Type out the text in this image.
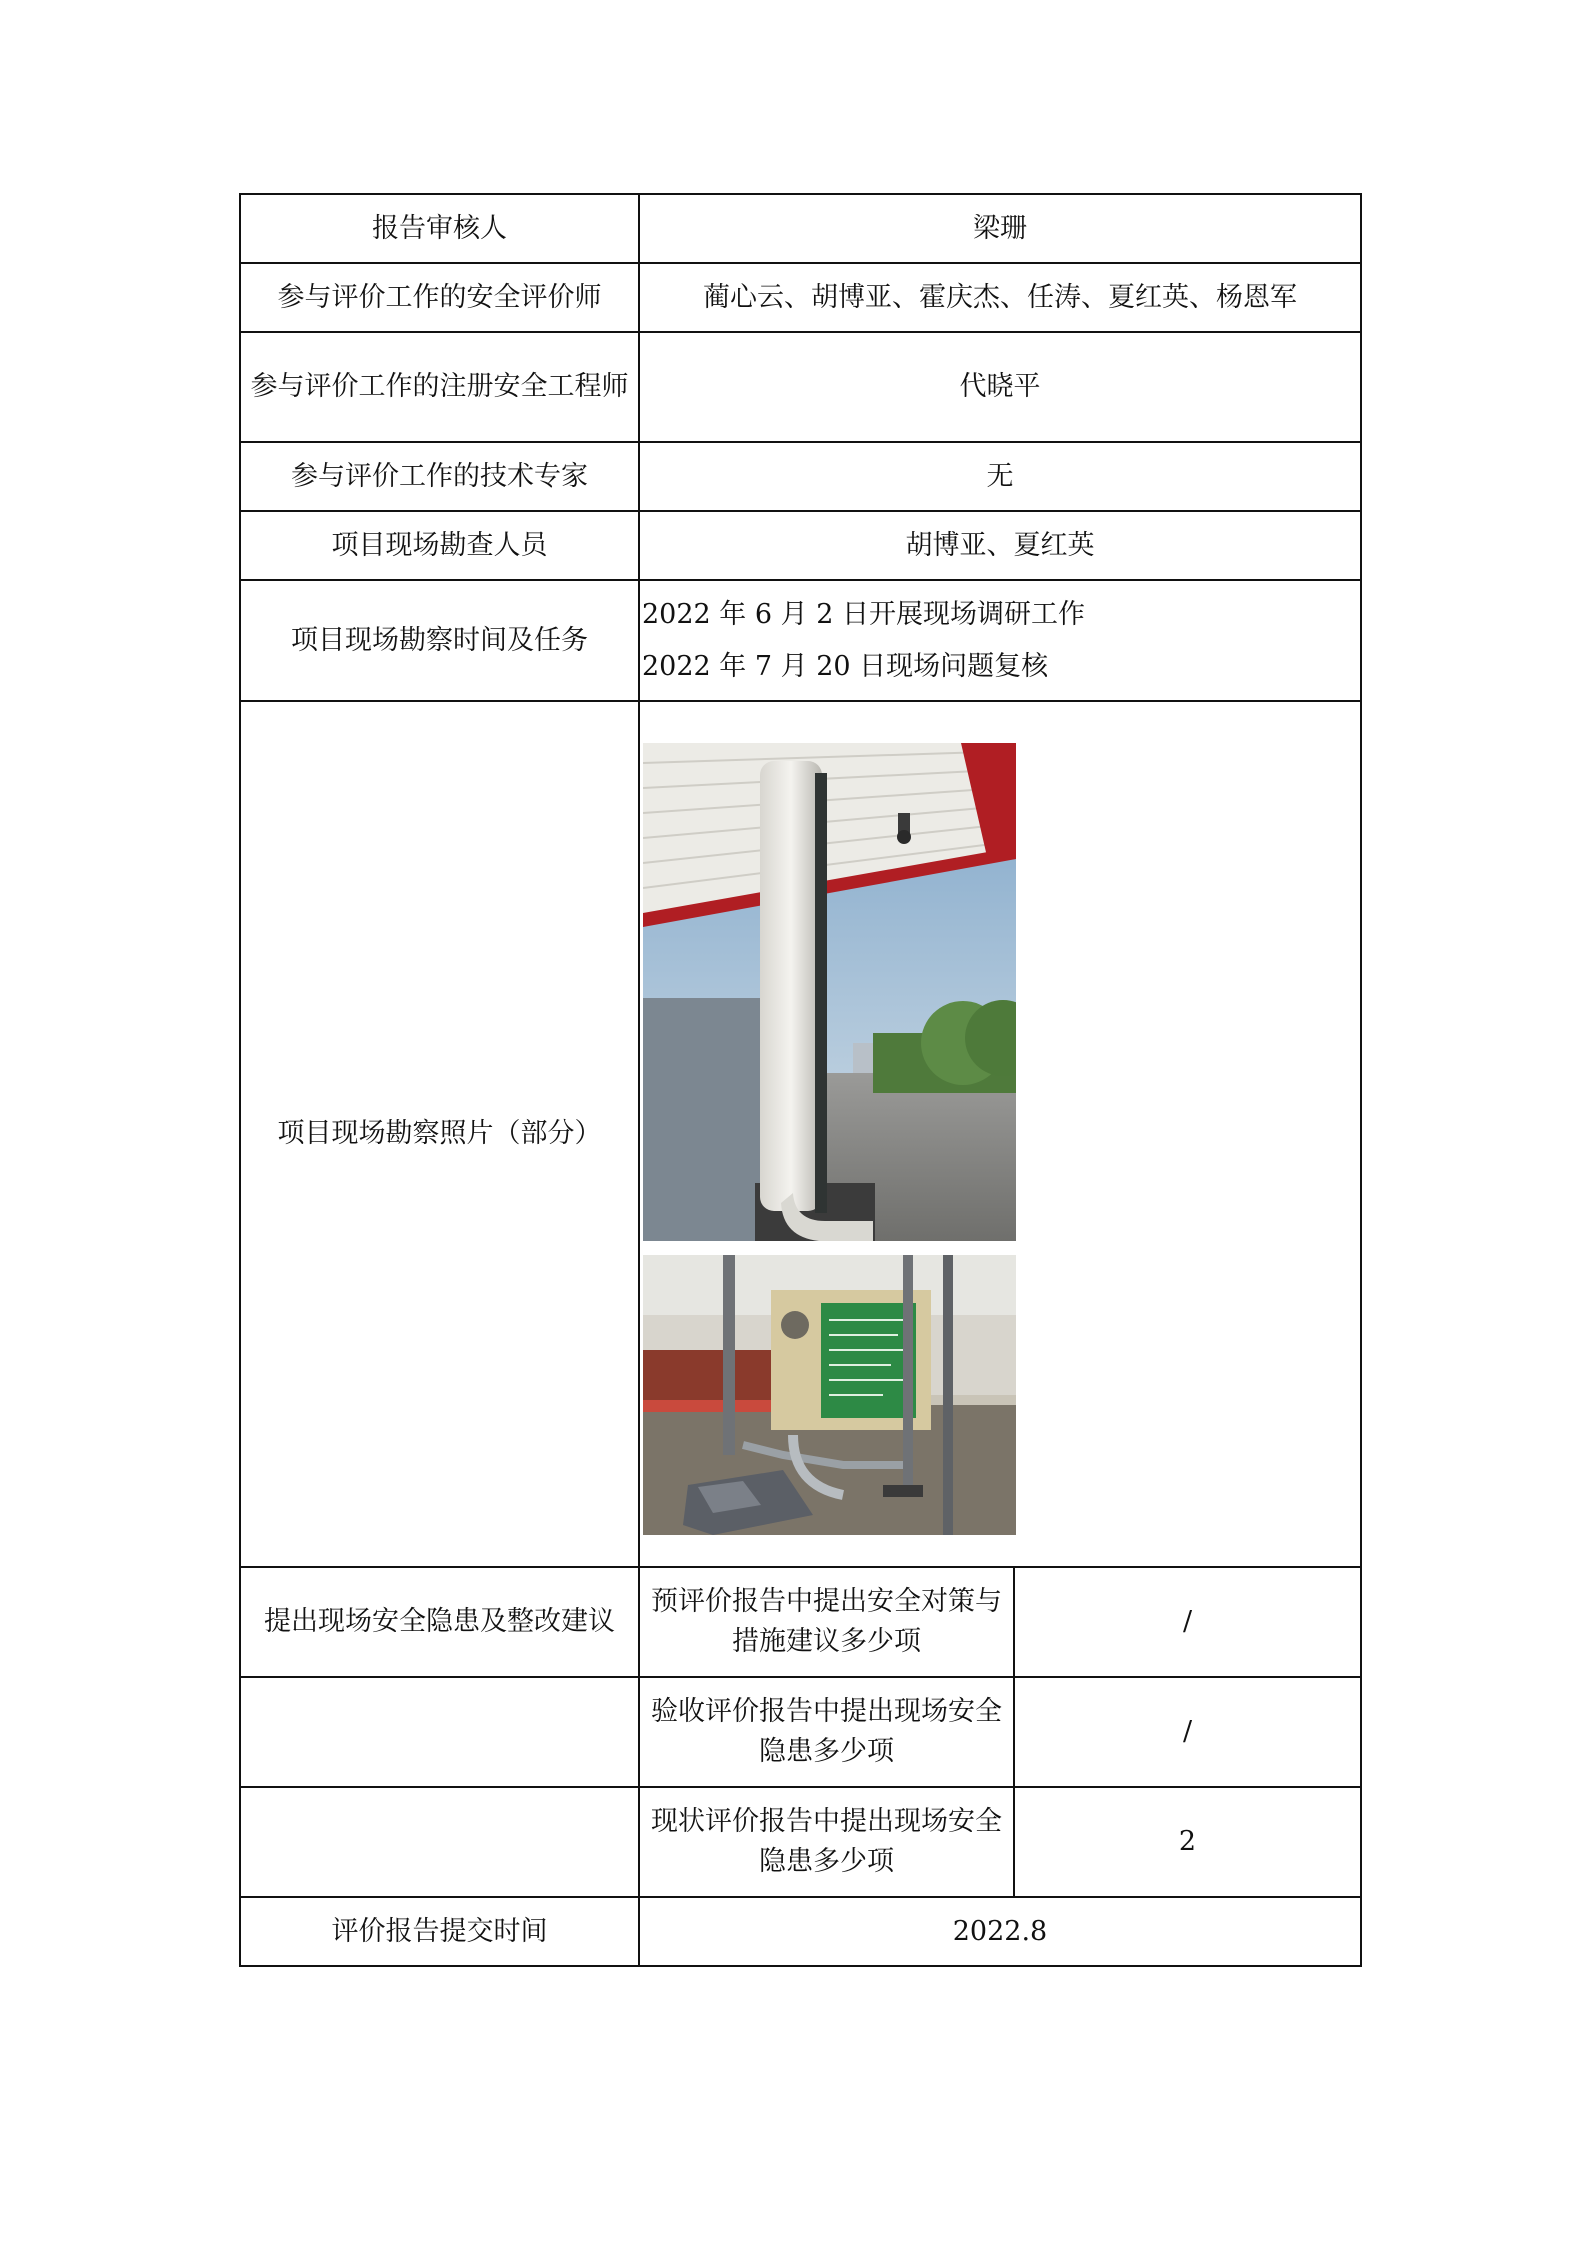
报告审核人	梁珊	
参与评价工作的安全评价师	蔺心云、胡博亚、霍庆杰、任涛、夏红英、杨恩军	
参与评价工作的注册安全工程师	代晓平	
参与评价工作的技术专家	无	
项目现场勘查人员	胡博亚、夏红英	
项目现场勘察时间及任务	2022 年 6 月 2 日开展现场调研工作
2022 年 7 月 20 日现场问题复核	

项目现场勘察照片（部分）	

提出现场安全隐患及整改建议	预评价报告中提出安全对策与措施建议多少项	/
	验收评价报告中提出现场安全隐患多少项	/
	现状评价报告中提出现场安全隐患多少项	2
评价报告提交时间	2022.8	
